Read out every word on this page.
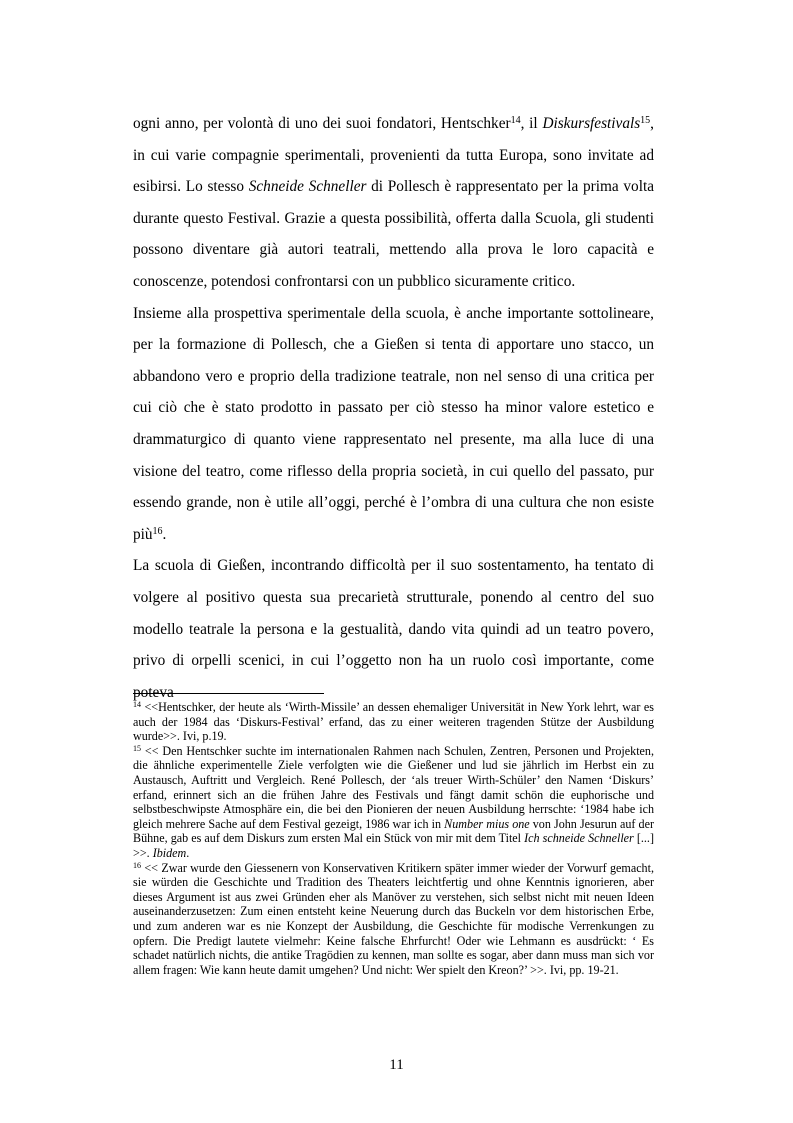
ogni anno, per volontà di uno dei suoi fondatori, Hentschker$^{14}$, il Diskursfestivals$^{15}$, in cui varie compagnie sperimentali, provenienti da tutta Europa, sono invitate ad esibirsi. Lo stesso Schneide Schneller di Pollesch è rappresentato per la prima volta durante questo Festival. Grazie a questa possibilità, offerta dalla Scuola, gli studenti possono diventare già autori teatrali, mettendo alla prova le loro capacità e conoscenze, potendosi confrontarsi con un pubblico sicuramente critico.

Insieme alla prospettiva sperimentale della scuola, è anche importante sottolineare, per la formazione di Pollesch, che a Gießen si tenta di apportare uno stacco, un abbandono vero e proprio della tradizione teatrale, non nel senso di una critica per cui ciò che è stato prodotto in passato per ciò stesso ha minor valore estetico e drammaturgico di quanto viene rappresentato nel presente, ma alla luce di una visione del teatro, come riflesso della propria società, in cui quello del passato, pur essendo grande, non è utile all’oggi, perché è l’ombra di una cultura che non esiste più$^{16}$.

La scuola di Gießen, incontrando difficoltà per il suo sostentamento, ha tentato di volgere al positivo questa sua precarietà strutturale, ponendo al centro del suo modello teatrale la persona e la gestualità, dando vita quindi ad un teatro povero, privo di orpelli scenici, in cui l’oggetto non ha un ruolo così importante, come poteva

$^{14}$ <<Hentschker, der heute als ‘Wirth-Missile’ an dessen ehemaliger Universität in New York lehrt, war es auch der 1984 das ‘Diskurs-Festival’ erfand, das zu einer weiteren tragenden Stütze der Ausbildung wurde>>. Ivi, p.19.

$^{15}$ << Den Hentschker suchte im internationalen Rahmen nach Schulen, Zentren, Personen und Projekten, die ähnliche experimentelle Ziele verfolgten wie die Gießener und lud sie jährlich im Herbst ein zu Austausch, Auftritt und Vergleich. René Pollesch, der ‘als treuer Wirth-Schüler’ den Namen ‘Diskurs’ erfand, erinnert sich an die frühen Jahre des Festivals und fängt damit schön die euphorische und selbstbeschwipste Atmosphäre ein, die bei den Pionieren der neuen Ausbildung herrschte: ‘1984 habe ich gleich mehrere Sache auf dem Festival gezeigt, 1986 war ich in Number mius one von John Jesurun auf der Bühne, gab es auf dem Diskurs zum ersten Mal ein Stück von mir mit dem Titel Ich schneide Schneller [...] >>. Ibidem.

$^{16}$ << Zwar wurde den Giessenern von Konservativen Kritikern später immer wieder der Vorwurf gemacht, sie würden die Geschichte und Tradition des Theaters leichtfertig und ohne Kenntnis ignorieren, aber dieses Argument ist aus zwei Gründen eher als Manöver zu verstehen, sich selbst nicht mit neuen Ideen auseinanderzusetzen: Zum einen entsteht keine Neuerung durch das Buckeln vor dem historischen Erbe, und zum anderen war es nie Konzept der Ausbildung, die Geschichte für modische Verrenkungen zu opfern. Die Predigt lautete vielmehr: Keine falsche Ehrfurcht! Oder wie Lehmann es ausdrückt: ‘ Es schadet natürlich nichts, die antike Tragödien zu kennen, man sollte es sogar, aber dann muss man sich vor allem fragen: Wie kann heute damit umgehen? Und nicht: Wer spielt den Kreon?’ >>. Ivi, pp. 19-21.

11
